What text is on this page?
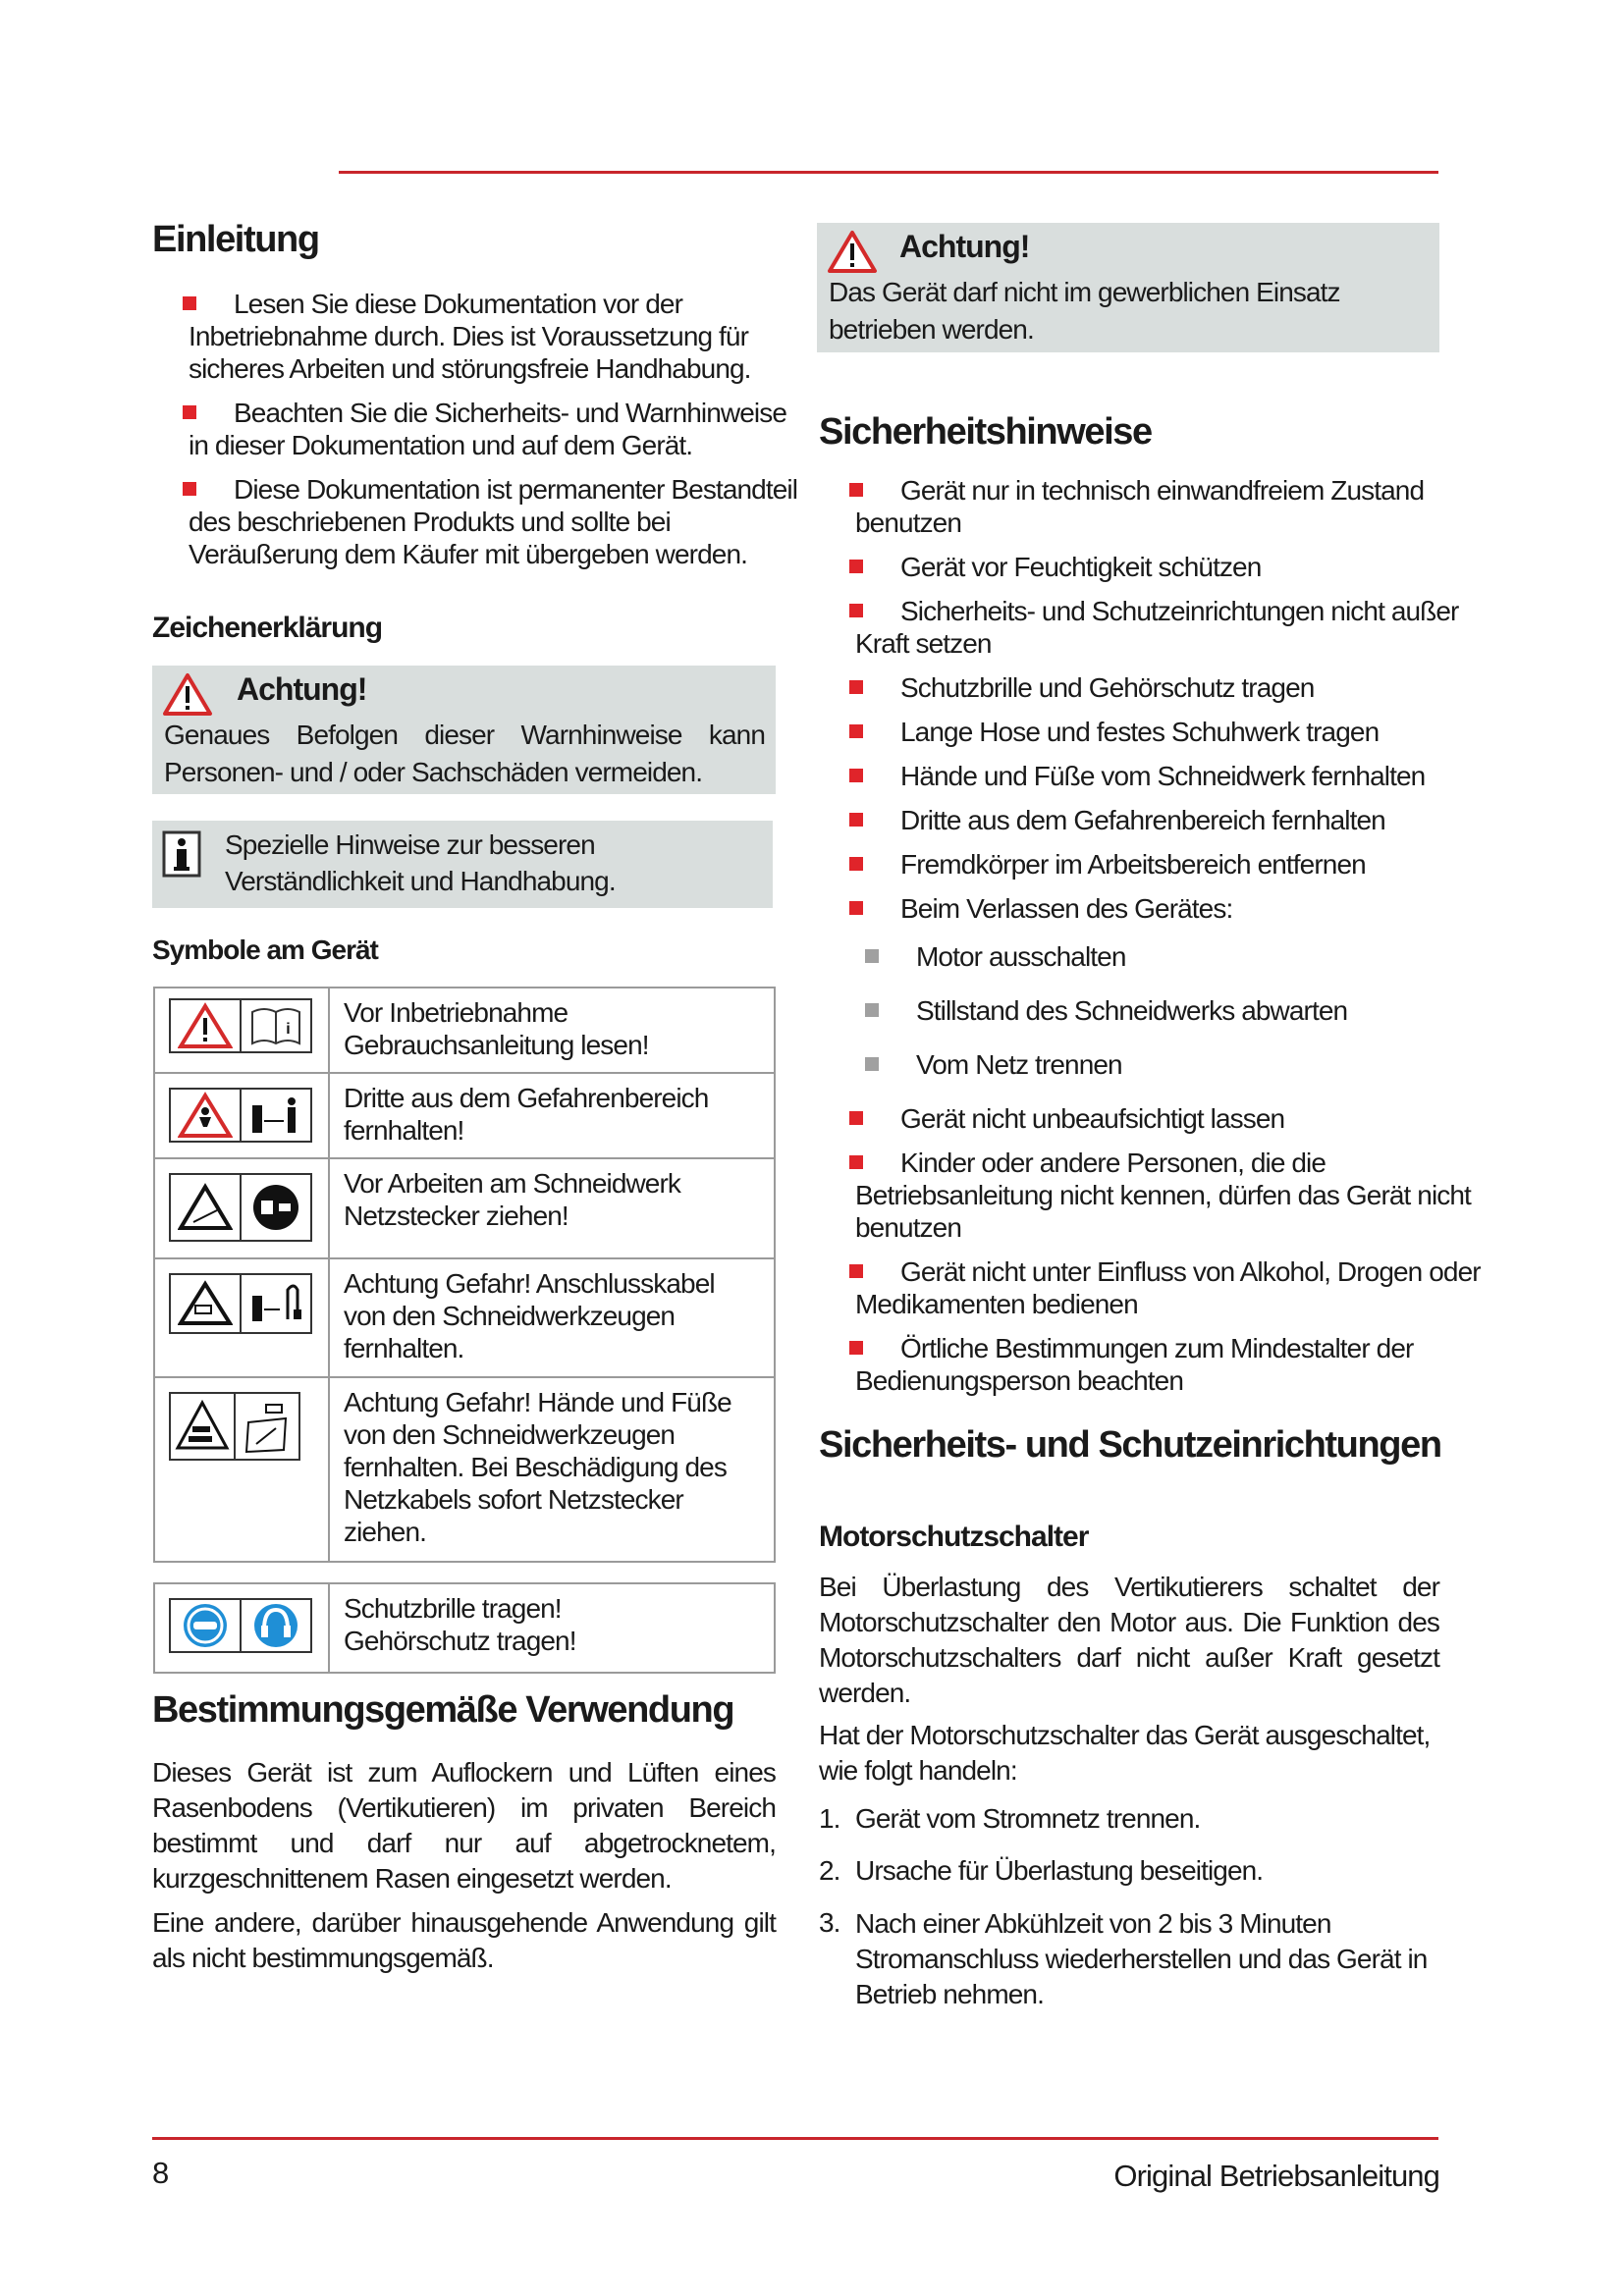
Einleitung
Lesen Sie diese Dokumentation vor der Inbetriebnahme durch. Dies ist Voraussetzung für sicheres Arbeiten und störungsfreie Handhabung.
Beachten Sie die Sicherheits- und Warnhinweise in dieser Dokumentation und auf dem Gerät.
Diese Dokumentation ist permanenter Bestandteil des beschriebenen Produkts und sollte bei Veräußerung dem Käufer mit übergeben werden.
Zeichenerklärung
Achtung!
Genaues Befolgen dieser Warnhinweise kann Personen- und / oder Sachschäden vermeiden.
Spezielle Hinweise zur besseren Verständlichkeit und Handhabung.
Symbole am Gerät
i	Vor Inbetriebnahme Gebrauchsanleitung lesen!

	Dritte aus dem Gefahrenbereich fernhalten!

	Vor Arbeiten am Schneidwerk Netzstecker ziehen!

	Achtung Gefahr! Anschlusskabel von den Schneidwerkzeugen fernhalten.

	Achtung Gefahr! Hände und Füße von den Schneidwerkzeugen fernhalten. Bei Beschädigung des Netzkabels sofort Netzstecker ziehen.

Schutzbrille tragen!
Gehörschutz tragen!
Bestimmungsgemäße Verwendung
Dieses Gerät ist zum Auflockern und Lüften eines Rasenbodens (Vertikutieren) im privaten Bereich bestimmt und darf nur auf abgetrocknetem, kurzgeschnittenem Rasen eingesetzt werden.
Eine andere, darüber hinausgehende Anwendung gilt als nicht bestimmungsgemäß.
Achtung!
Das Gerät darf nicht im gewerblichen Einsatz betrieben werden.
Sicherheitshinweise
Gerät nur in technisch einwandfreiem Zustand benutzen
Gerät vor Feuchtigkeit schützen
Sicherheits- und Schutzeinrichtungen nicht außer Kraft setzen
Schutzbrille und Gehörschutz tragen
Lange Hose und festes Schuhwerk tragen
Hände und Füße vom Schneidwerk fernhalten
Dritte aus dem Gefahrenbereich fernhalten
Fremdkörper im Arbeitsbereich entfernen
Beim Verlassen des Gerätes:
Motor ausschalten
Stillstand des Schneidwerks abwarten
Vom Netz trennen
Gerät nicht unbeaufsichtigt lassen
Kinder oder andere Personen, die die Betriebsanleitung nicht kennen, dürfen das Gerät nicht benutzen
Gerät nicht unter Einfluss von Alkohol, Drogen oder Medikamenten bedienen
Örtliche Bestimmungen zum Mindestalter der Bedienungsperson beachten
Sicherheits- und Schutzeinrichtungen
Motorschutzschalter
Bei Überlastung des Vertikutierers schaltet der Motorschutzschalter den Motor aus. Die Funktion des Motorschutzschalters darf nicht außer Kraft gesetzt werden.
Hat der Motorschutzschalter das Gerät ausgeschaltet, wie folgt handeln:
1. Gerät vom Stromnetz trennen.
2. Ursache für Überlastung beseitigen.
3. Nach einer Abkühlzeit von 2 bis 3 Minuten Stromanschluss wiederherstellen und das Gerät in Betrieb nehmen.
8	Original Betriebsanleitung
